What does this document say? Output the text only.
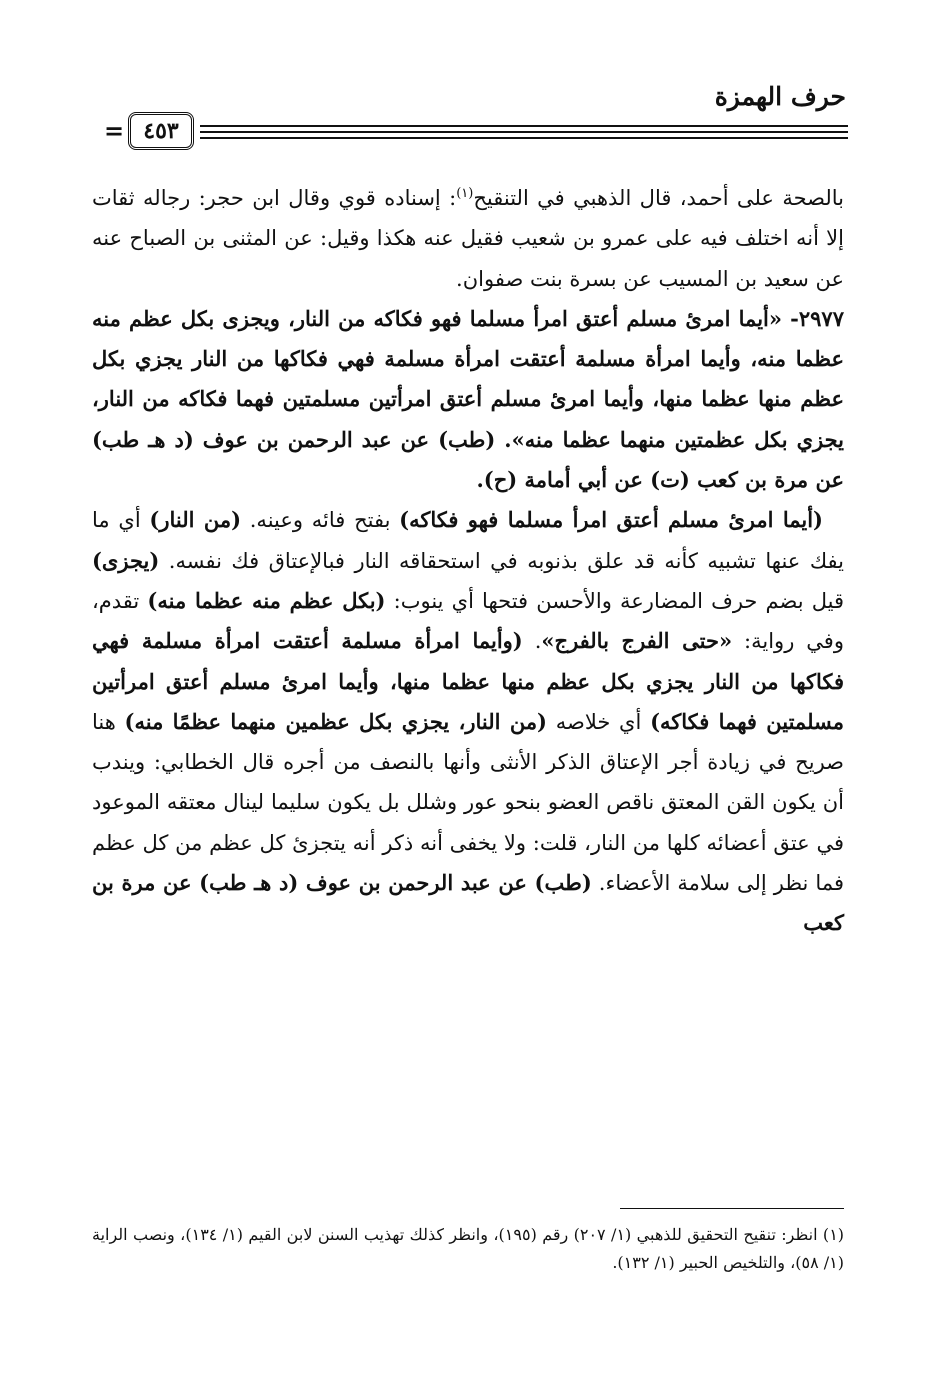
حرف الهمزة
٤٥٣
=

بالصحة على أحمد، قال الذهبي في التنقيح$^{(١)}$: إسناده قوي وقال ابن حجر: رجاله ثقات إلا أنه اختلف فيه على عمرو بن شعيب فقيل عنه هكذا وقيل: عن المثنى بن الصباح عنه عن سعيد بن المسيب عن بسرة بنت صفوان.

٢٩٧٧- «أيما امرئ مسلم أعتق امرأ مسلما فهو فكاكه من النار، ويجزى بكل عظم منه عظما منه، وأيما امرأة مسلمة أعتقت امرأة مسلمة فهي فكاكها من النار يجزي بكل عظم منها عظما منها، وأيما امرئ مسلم أعتق امرأتين مسلمتين فهما فكاكه من النار، يجزي بكل عظمتين منهما عظما منه». (طب) عن عبد الرحمن بن عوف (د هـ طب) عن مرة بن كعب (ت) عن أبي أمامة (ح).

 (أيما امرئ مسلم أعتق امرأ مسلما فهو فكاكه) بفتح فائه وعينه. (من النار) أي ما يفك عنها تشبيه كأنه قد علق بذنوبه في استحقاقه النار فبالإعتاق فك نفسه. (يجزى) قيل بضم حرف المضارعة والأحسن فتحها أي ينوب: (بكل عظم منه عظما منه) تقدم، وفي رواية: «حتى الفرج بالفرج». (وأيما امرأة مسلمة أعتقت امرأة مسلمة فهي فكاكها من النار يجزي بكل عظم منها عظما منها، وأيما امرئ مسلم أعتق امرأتين مسلمتين فهما فكاكه) أي خلاصه (من النار، يجزي بكل عظمين منهما عظمًا منه) هنا صريح في زيادة أجر الإعتاق الذكر الأنثى وأنها بالنصف من أجره قال الخطابي: ويندب أن يكون القن المعتق ناقص العضو بنحو عور وشلل بل يكون سليما لينال معتقه الموعود في عتق أعضائه كلها من النار، قلت: ولا يخفى أنه ذكر أنه يتجزئ كل عظم من كل عظم فما نظر إلى سلامة الأعضاء. (طب) عن عبد الرحمن بن عوف (د هـ طب) عن مرة بن كعب

(١) انظر: تنقيح التحقيق للذهبي (١/ ٢٠٧) رقم (١٩٥)، وانظر كذلك تهذيب السنن لابن القيم (١/ ١٣٤)، ونصب الراية (١/ ٥٨)، والتلخيص الحبير (١/ ١٣٢).
